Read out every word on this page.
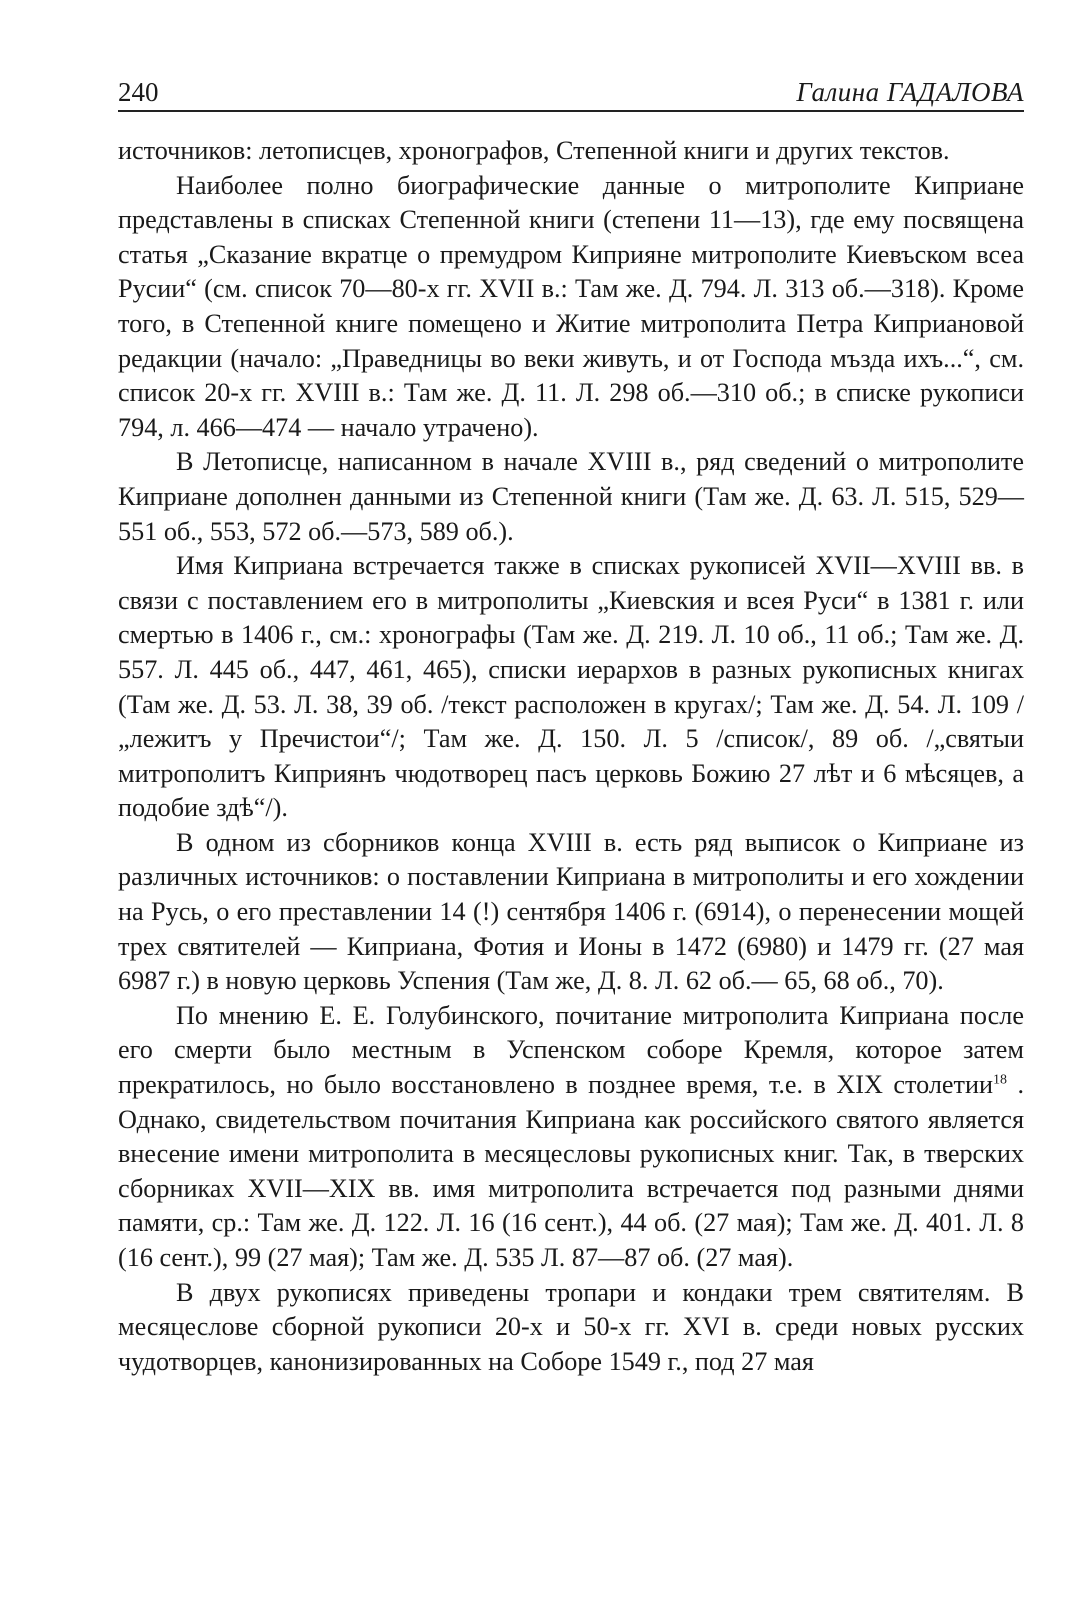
240	Галина ГАДАЛОВА

источников: летописцев, хронографов, Степенной книги и других текстов.

Наиболее полно биографические данные о митрополите Киприане представлены в списках Степенной книги (степени 11—13), где ему посвящена статья „Сказание вкратце о премудром Киприяне митрополите Киевъском всеа Русии“ (см. список 70—80-х гг. XVII в.: Там же. Д. 794. Л. 313 об.—318). Кроме того, в Степенной книге помещено и Житие митрополита Петра Киприановой редакции (начало: „Праведницы во веки живуть, и от Господа мъзда ихъ...“, см. список 20-х гг. XVIII в.: Там же. Д. 11. Л. 298 об.—310 об.; в списке рукописи 794, л. 466—474 — начало утрачено).

В Летописце, написанном в начале XVIII в., ряд сведений о митрополите Киприане дополнен данными из Степенной книги (Там же. Д. 63. Л. 515, 529—551 об., 553, 572 об.—573, 589 об.).

Имя Киприана встречается также в списках рукописей XVII—XVIII вв. в связи с поставлением его в митрополиты „Киевския и всея Руси“ в 1381 г. или смертью в 1406 г., см.: хронографы (Там же. Д. 219. Л. 10 об., 11 об.; Там же. Д. 557. Л. 445 об., 447, 461, 465), списки иерархов в разных рукописных книгах (Там же. Д. 53. Л. 38, 39 об. /текст расположен в кругах/; Там же. Д. 54. Л. 109 /„лежитъ у Пречистои“/; Там же. Д. 150. Л. 5 /список/, 89 об. /„святыи митрополитъ Киприянъ чюдотворец пасъ церковь Божию 27 лѣт и 6 мѣсяцев, а подобие здѣ“/).

В одном из сборников конца XVIII в. есть ряд выписок о Киприане из различных источников: о поставлении Киприана в митрополиты и его хождении на Русь, о его преставлении 14 (!) сентября 1406 г. (6914), о перенесении мощей трех святителей — Киприана, Фотия и Ионы в 1472 (6980) и 1479 гг. (27 мая 6987 г.) в новую церковь Успения (Там же, Д. 8. Л. 62 об.— 65, 68 об., 70).

По мнению Е. Е. Голубинского, почитание митрополита Киприана после его смерти было местным в Успенском соборе Кремля, которое затем прекратилось, но было восстановлено в позднее время, т.е. в XIX столетии$^{18}$ . Однако, свидетельством почитания Киприана как российского святого является внесение имени митрополита в месяцесловы рукописных книг. Так, в тверских сборниках XVII—XIX вв. имя митрополита встречается под разными днями памяти, ср.: Там же. Д. 122. Л. 16 (16 сент.), 44 об. (27 мая); Там же. Д. 401. Л. 8 (16 сент.), 99 (27 мая); Там же. Д. 535 Л. 87—87 об. (27 мая).

В двух рукописях приведены тропари и кондаки трем святителям. В месяцеслове сборной рукописи 20-х и 50-х гг. XVI в. среди новых русских чудотворцев, канонизированных на Соборе 1549 г., под 27 мая
